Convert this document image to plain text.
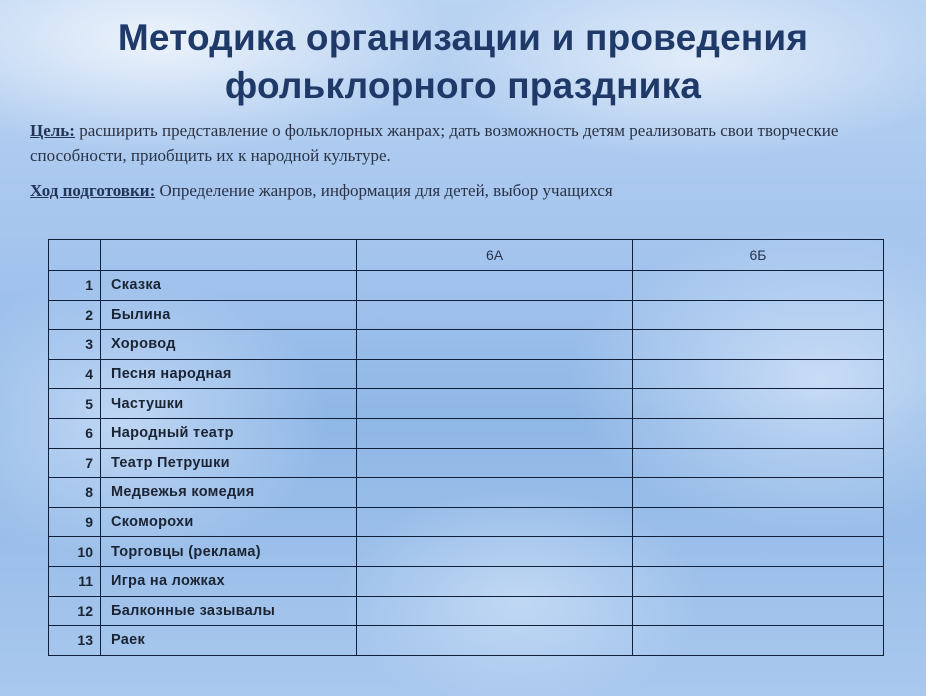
Методика организации и проведения
фольклорного праздника
Цель: расширить представление о фольклорных жанрах; дать возможность детям реализовать свои творческие способности, приобщить их к народной культуре.
Ход подготовки: Определение жанров, информация для детей, выбор учащихся
		6А	6Б
1	Сказка		
2	Былина		
3	Хоровод		
4	Песня народная		
5	Частушки		
6	Народный театр		
7	Театр Петрушки		
8	Медвежья комедия		
9	Скоморохи		
10	Торговцы (реклама)		
11	Игра на ложках		
12	Балконные зазывалы		
13	Раек		
